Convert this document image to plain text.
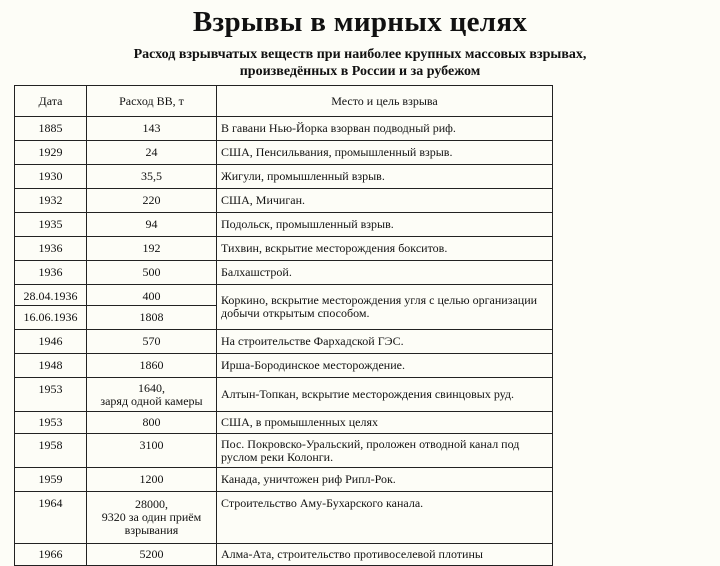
Взрывы в мирных целях
Расход взрывчатых веществ при наиболее крупных массовых взрывах,
произведённых в России и за рубежом
Дата	Расход ВВ, т	Место и цель взрыва
1885	143	В гавани Нью-Йорка взорван подводный риф.
1929	24	США, Пенсильвания, промышленный взрыв.
1930	35,5	Жигули, промышленный взрыв.
1932	220	США, Мичиган.
1935	94	Подольск, промышленный взрыв.
1936	192	Тихвин, вскрытие месторождения бокситов.
1936	500	Балхашстрой.
28.04.1936	400	Коркино, вскрытие месторождения угля с целью организации добычи открытым способом.
16.06.1936	1808	
1946	570	На строительстве Фархадской ГЭС.
1948	1860	Ирша-Бородинское месторождение.
1953	1640,
заряд одной камеры	Алтын-Топкан, вскрытие месторождения свинцовых руд.
1953	800	США, в промышленных целях
1958	3100	Пос. Покровско-Уральский, проложен отводной канал под руслом реки Колонги.
1959	1200	Канада, уничтожен риф Рипл-Рок.
1964	28000,
9320 за один приём
взрывания	Строительство Аму-Бухарского канала.
1966	5200	Алма-Ата, строительство противоселевой плотины
